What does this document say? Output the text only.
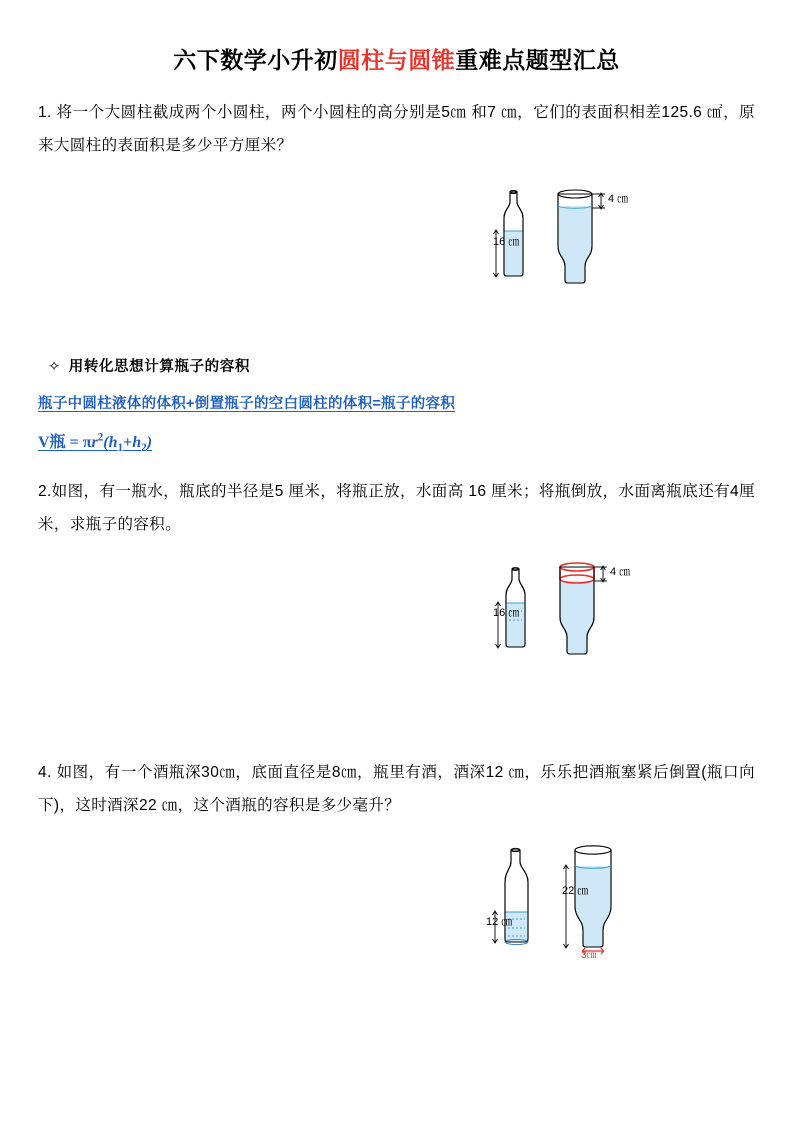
六下数学小升初圆柱与圆锥重难点题型汇总
1. 将一个大圆柱截成两个小圆柱，两个小圆柱的高分别是5㎝ 和7 ㎝，它们的表面积相差125.6 ㎠，原来大圆柱的表面积是多少平方厘米？
16 ㎝
4 ㎝
✧ 用转化思想计算瓶子的容积
瓶子中圆柱液体的体积+倒置瓶子的空白圆柱的体积=瓶子的容积
V瓶 = $\pi r^2(h_1+h_2)$
2.如图，有一瓶水，瓶底的半径是5 厘米，将瓶正放，水面高 16 厘米；将瓶倒放，水面离瓶底还有4厘米，求瓶子的容积。
16 ㎝
4 ㎝
4. 如图，有一个酒瓶深30㎝，底面直径是8㎝，瓶里有酒，酒深12 ㎝，乐乐把酒瓶塞紧后倒置(瓶口向下)，这时酒深22 ㎝，这个酒瓶的容积是多少毫升？
12 ㎝
22 ㎝
3㎝
